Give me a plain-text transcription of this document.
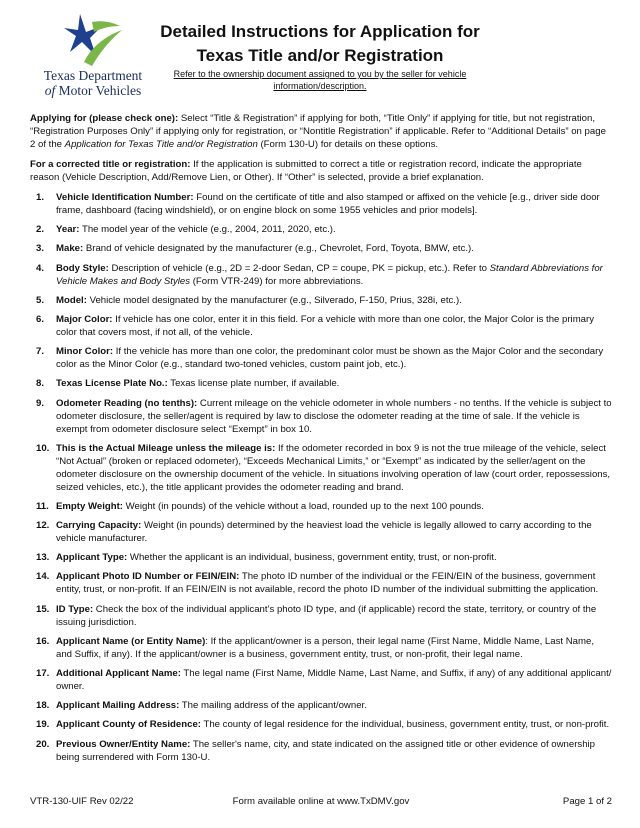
Texas Department
of Motor Vehicles
Detailed Instructions for Application for
Texas Title and/or Registration
Refer to the ownership document assigned to you by the seller for vehicle information/description.

Applying for (please check one): Select “Title & Registration” if applying for both, “Title Only” if applying for title, but not registration, “Registration Purposes Only” if applying only for registration, or “Nontitle Registration” if applicable. Refer to “Additional Details” on page 2 of the Application for Texas Title and/or Registration (Form 130-U) for details on these options.

For a corrected title or registration: If the application is submitted to correct a title or registration record, indicate the appropriate reason (Vehicle Description, Add/Remove Lien, or Other). If “Other” is selected, provide a brief explanation.

1. Vehicle Identification Number: Found on the certificate of title and also stamped or affixed on the vehicle [e.g., driver side door frame, dashboard (facing windshield), or on engine block on some 1955 vehicles and prior models].
2. Year: The model year of the vehicle (e.g., 2004, 2011, 2020, etc.).
3. Make: Brand of vehicle designated by the manufacturer (e.g., Chevrolet, Ford, Toyota, BMW, etc.).
4. Body Style: Description of vehicle (e.g., 2D = 2-door Sedan, CP = coupe, PK = pickup, etc.). Refer to Standard Abbreviations for Vehicle Makes and Body Styles (Form VTR-249) for more abbreviations.
5. Model: Vehicle model designated by the manufacturer (e.g., Silverado, F-150, Prius, 328i, etc.).
6. Major Color: If vehicle has one color, enter it in this field. For a vehicle with more than one color, the Major Color is the primary color that covers most, if not all, of the vehicle.
7. Minor Color: If the vehicle has more than one color, the predominant color must be shown as the Major Color and the secondary color as the Minor Color (e.g., standard two-toned vehicles, custom paint job, etc.).
8. Texas License Plate No.: Texas license plate number, if available.
9. Odometer Reading (no tenths): Current mileage on the vehicle odometer in whole numbers - no tenths. If the vehicle is subject to odometer disclosure, the seller/agent is required by law to disclose the odometer reading at the time of sale. If the vehicle is exempt from odometer disclosure select “Exempt” in box 10.
10. This is the Actual Mileage unless the mileage is: If the odometer recorded in box 9 is not the true mileage of the vehicle, select “Not Actual” (broken or replaced odometer), “Exceeds Mechanical Limits,” or “Exempt” as indicated by the seller/agent on the odometer disclosure on the ownership document of the vehicle. In situations involving operation of law (court order, repossessions, seized vehicles, etc.), the title applicant provides the odometer reading and brand.
11. Empty Weight: Weight (in pounds) of the vehicle without a load, rounded up to the next 100 pounds.
12. Carrying Capacity: Weight (in pounds) determined by the heaviest load the vehicle is legally allowed to carry according to the vehicle manufacturer.
13. Applicant Type: Whether the applicant is an individual, business, government entity, trust, or non-profit.
14. Applicant Photo ID Number or FEIN/EIN: The photo ID number of the individual or the FEIN/EIN of the business, government entity, trust, or non-profit. If an FEIN/EIN is not available, record the photo ID number of the individual submitting the application.
15. ID Type: Check the box of the individual applicant’s photo ID type, and (if applicable) record the state, territory, or country of the issuing jurisdiction.
16. Applicant Name (or Entity Name): If the applicant/owner is a person, their legal name (First Name, Middle Name, Last Name, and Suffix, if any). If the applicant/owner is a business, government entity, trust, or non-profit, their legal name.
17. Additional Applicant Name: The legal name (First Name, Middle Name, Last Name, and Suffix, if any) of any additional applicant/ owner.
18. Applicant Mailing Address: The mailing address of the applicant/owner.
19. Applicant County of Residence: The county of legal residence for the individual, business, government entity, trust, or non-profit.
20. Previous Owner/Entity Name: The seller's name, city, and state indicated on the assigned title or other evidence of ownership being surrendered with Form 130-U.
VTR-130-UIF Rev 02/22	Form available online at www.TxDMV.gov	Page 1 of 2
